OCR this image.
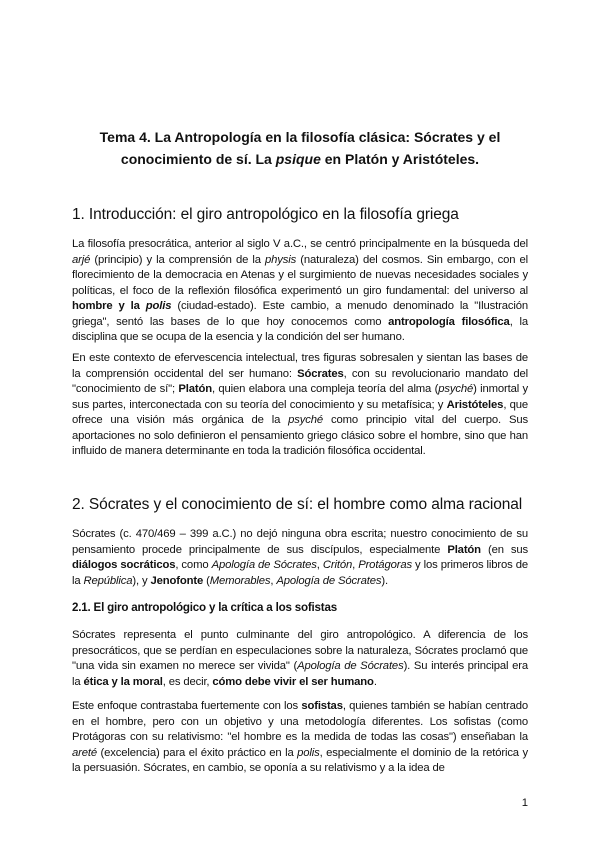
Tema 4. La Antropología en la filosofía clásica: Sócrates y el
conocimiento de sí. La psique en Platón y Aristóteles.
1. Introducción: el giro antropológico en la filosofía griega

La filosofía presocrática, anterior al siglo V a.C., se centró principalmente en la búsqueda del arjé (principio) y la comprensión de la physis (naturaleza) del cosmos. Sin embargo, con el florecimiento de la democracia en Atenas y el surgimiento de nuevas necesidades sociales y políticas, el foco de la reflexión filosófica experimentó un giro fundamental: del universo al hombre y la polis (ciudad-estado). Este cambio, a menudo denominado la "Ilustración griega", sentó las bases de lo que hoy conocemos como antropología filosófica, la disciplina que se ocupa de la esencia y la condición del ser humano.

En este contexto de efervescencia intelectual, tres figuras sobresalen y sientan las bases de la comprensión occidental del ser humano: Sócrates, con su revolucionario mandato del "conocimiento de sí"; Platón, quien elabora una compleja teoría del alma (psyché) inmortal y sus partes, interconectada con su teoría del conocimiento y su metafísica; y Aristóteles, que ofrece una visión más orgánica de la psyché como principio vital del cuerpo. Sus aportaciones no solo definieron el pensamiento griego clásico sobre el hombre, sino que han influido de manera determinante en toda la tradición filosófica occidental.

2. Sócrates y el conocimiento de sí: el hombre como alma racional

Sócrates (c. 470/469 – 399 a.C.) no dejó ninguna obra escrita; nuestro conocimiento de su pensamiento procede principalmente de sus discípulos, especialmente Platón (en sus diálogos socráticos, como Apología de Sócrates, Critón, Protágoras y los primeros libros de la República), y Jenofonte (Memorables, Apología de Sócrates).

2.1. El giro antropológico y la crítica a los sofistas

Sócrates representa el punto culminante del giro antropológico. A diferencia de los presocráticos, que se perdían en especulaciones sobre la naturaleza, Sócrates proclamó que "una vida sin examen no merece ser vivida" (Apología de Sócrates). Su interés principal era la ética y la moral, es decir, cómo debe vivir el ser humano.

Este enfoque contrastaba fuertemente con los sofistas, quienes también se habían centrado en el hombre, pero con un objetivo y una metodología diferentes. Los sofistas (como Protágoras con su relativismo: "el hombre es la medida de todas las cosas") enseñaban la areté (excelencia) para el éxito práctico en la polis, especialmente el dominio de la retórica y la persuasión. Sócrates, en cambio, se oponía a su relativismo y a la idea de

1
